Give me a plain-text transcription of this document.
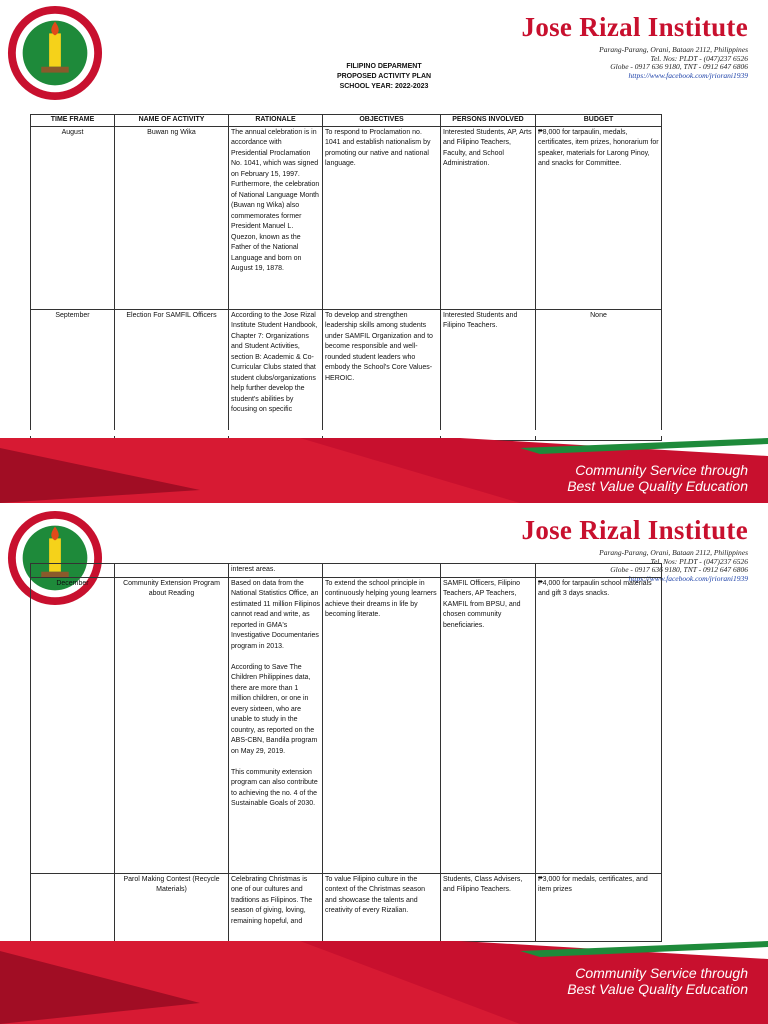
Jose Rizal Institute
Parang-Parang, Orani, Bataan 2112, Philippines
Tel. Nos: PLDT - (047)237 6526
Globe - 0917 636 9180, TNT - 0912 647 6806
https://www.facebook.com/jriorani1939
FILIPINO DEPARMENT
PROPOSED ACTIVITY PLAN
SCHOOL YEAR: 2022-2023
TIME FRAME	NAME OF ACTIVITY	RATIONALE	OBJECTIVES	PERSONS INVOLVED	BUDGET
August	Buwan ng Wika	The annual celebration is in accordance with Presidential Proclamation No. 1041, which was signed on February 15, 1997. Furthermore, the celebration of National Language Month (Buwan ng Wika) also commemorates former President Manuel L. Quezon, known as the Father of the National Language and born on August 19, 1878.	To respond to Proclamation no. 1041 and establish nationalism by promoting our native and national language.	Interested Students, AP, Arts and Filipino Teachers, Faculty, and School Administration.	₱8,000 for tarpaulin, medals, certificates, item prizes, honorarium for speaker, materials for Larong Pinoy, and snacks for Committee.
September	Election For SAMFIL Officers	According to the Jose Rizal Institute Student Handbook, Chapter 7: Organizations and Student Activities, section B: Academic & Co-Curricular Clubs stated that student clubs/organizations help further develop the student's abilities by focusing on specific	To develop and strengthen leadership skills among students under SAMFIL Organization and to become responsible and well-rounded student leaders who embody the School's Core Values-HEROIC.	Interested Students and Filipino Teachers.	None
Community Service through
Best Value Quality Education
Jose Rizal Institute
Parang-Parang, Orani, Bataan 2112, Philippines
Tel. Nos: PLDT - (047)237 6526
Globe - 0917 636 9180, TNT - 0912 647 6806
https://www.facebook.com/jriorani1939
		interest areas.			
December	Community Extension Program about Reading	Based on data from the National Statistics Office, an estimated 11 million Filipinos cannot read and write, as reported in GMA's Investigative Documentaries program in 2013.

According to Save The Children Philippines data, there are more than 1 million children, or one in every sixteen, who are unable to study in the country, as reported on the ABS-CBN, Bandila program on May 29, 2019.

This community extension program can also contribute to achieving the no. 4 of the Sustainable Goals of 2030.	To extend the school principle in continuously helping young learners achieve their dreams in life by becoming literate.	SAMFIL Officers, Filipino Teachers, AP Teachers, KAMFIL from BPSU, and chosen community beneficiaries.	₱4,000 for tarpaulin school materials and gift 3 days snacks.
	Parol Making Contest (Recycle Materials)	Celebrating Christmas is one of our cultures and traditions as Filipinos. The season of giving, loving, remaining hopeful, and	To value Filipino culture in the context of the Christmas season and showcase the talents and creativity of every Rizalian.	Students, Class Advisers, and Filipino Teachers.	₱3,000 for medals, certificates, and item prizes
Community Service through
Best Value Quality Education
